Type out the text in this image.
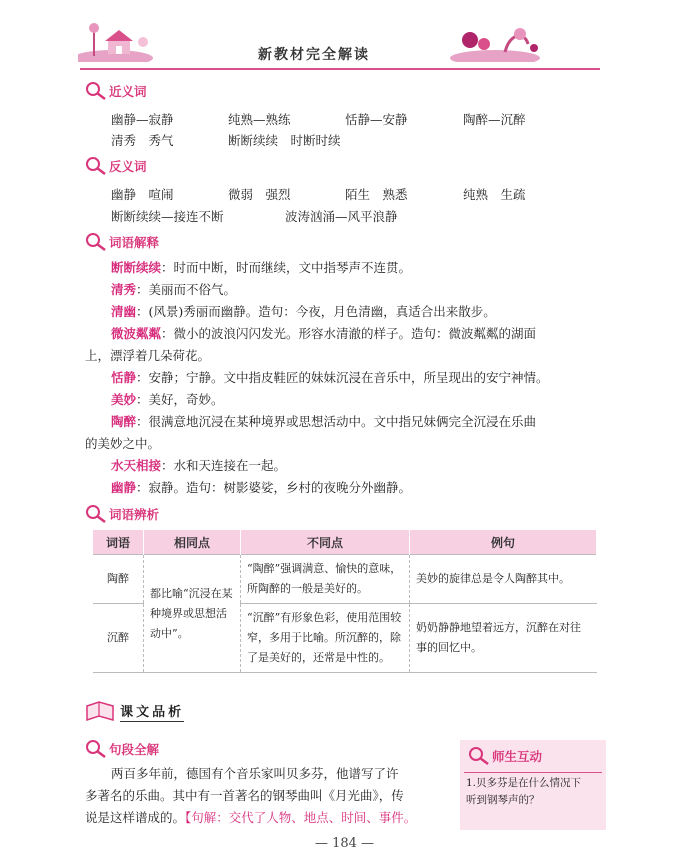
新教材完全解读
近义词
幽静—寂静	纯熟—熟练	恬静—安静	陶醉—沉醉
清秀　秀气	断断续续　时断时续
反义词
幽静　喧闹	微弱　强烈	陌生　熟悉	纯熟　生疏
断断续续—接连不断	波涛汹涌—风平浪静
词语解释
断断续续：时而中断，时而继续，文中指琴声不连贯。
清秀：美丽而不俗气。
清幽：(风景)秀丽而幽静。造句：今夜，月色清幽，真适合出来散步。
微波粼粼：微小的波浪闪闪发光。形容水清澈的样子。造句：微波粼粼的湖面
上，漂浮着几朵荷花。
恬静：安静；宁静。文中指皮鞋匠的妹妹沉浸在音乐中，所呈现出的安宁神情。
美妙：美好，奇妙。
陶醉：很满意地沉浸在某种境界或思想活动中。文中指兄妹俩完全沉浸在乐曲
的美妙之中。
水天相接：水和天连接在一起。
幽静：寂静。造句：树影婆娑，乡村的夜晚分外幽静。
词语辨析
词语	相同点	不同点	例句
陶醉	都比喻“沉浸在某种境界或思想活动中”。	“陶醉”强调满意、愉快的意味，所陶醉的一般是美好的。	美妙的旋律总是令人陶醉其中。
沉醉		“沉醉”有形象色彩，使用范围较窄，多用于比喻。所沉醉的，除了是美好的，还常是中性的。	奶奶静静地望着远方，沉醉在对往事的回忆中。
课文品析
句段全解
两百多年前，德国有个音乐家叫贝多芬，他谱写了许
多著名的乐曲。其中有一首著名的钢琴曲叫《月光曲》，传
说是这样谱成的。【句解：交代了人物、地点、时间、事件。
师生互动
1.贝多芬是在什么情况下
听到钢琴声的？
— 184 —
